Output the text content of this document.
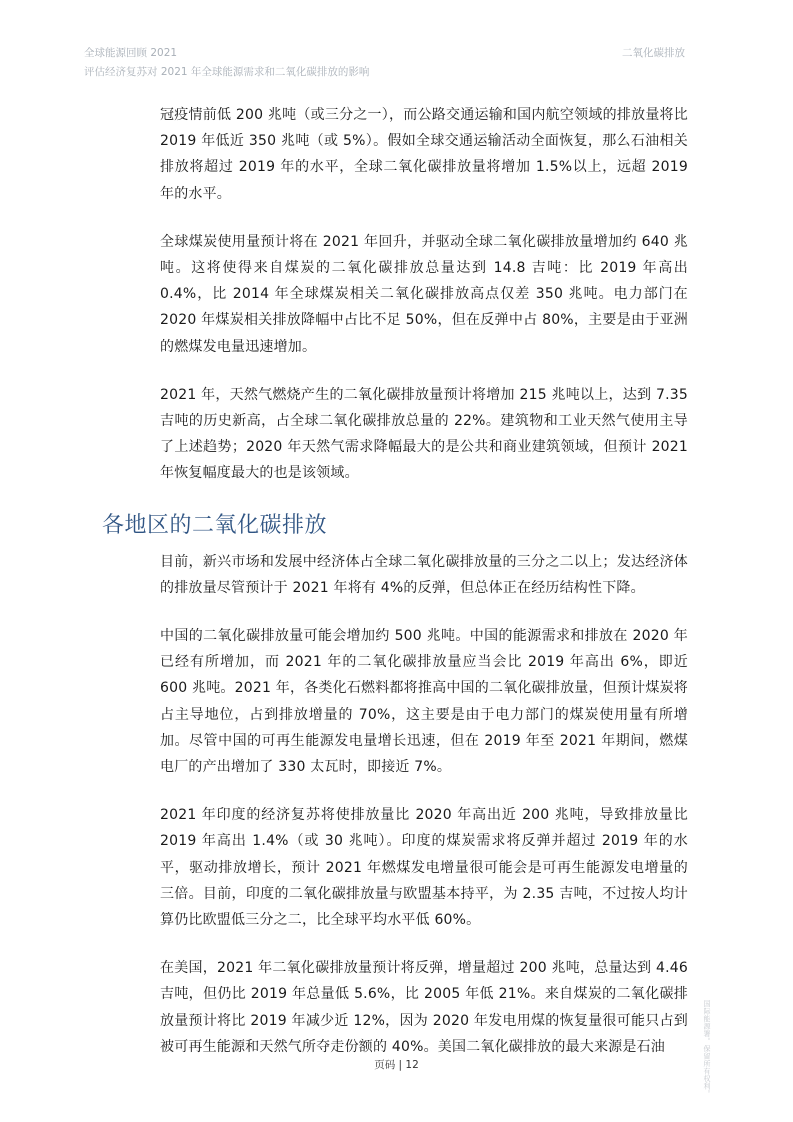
全球能源回顾 2021
评估经济复苏对 2021 年全球能源需求和二氧化碳排放的影响
二氧化碳排放

冠疫情前低 200 兆吨（或三分之一），而公路交通运输和国内航空领域的排放量将比 2019 年低近 350 兆吨（或 5%）。假如全球交通运输活动全面恢复，那么石油相关排放将超过 2019 年的水平，全球二氧化碳排放量将增加 1.5%以上，远超 2019 年的水平。

全球煤炭使用量预计将在 2021 年回升，并驱动全球二氧化碳排放量增加约 640 兆吨。这将使得来自煤炭的二氧化碳排放总量达到 14.8 吉吨：比 2019 年高出 0.4%，比 2014 年全球煤炭相关二氧化碳排放高点仅差 350 兆吨。电力部门在 2020 年煤炭相关排放降幅中占比不足 50%，但在反弹中占 80%，主要是由于亚洲的燃煤发电量迅速增加。

2021 年，天然气燃烧产生的二氧化碳排放量预计将增加 215 兆吨以上，达到 7.35 吉吨的历史新高，占全球二氧化碳排放总量的 22%。建筑物和工业天然气使用主导了上述趋势；2020 年天然气需求降幅最大的是公共和商业建筑领域，但预计 2021 年恢复幅度最大的也是该领域。

各地区的二氧化碳排放

目前，新兴市场和发展中经济体占全球二氧化碳排放量的三分之二以上；发达经济体的排放量尽管预计于 2021 年将有 4%的反弹，但总体正在经历结构性下降。

中国的二氧化碳排放量可能会增加约 500 兆吨。中国的能源需求和排放在 2020 年已经有所增加，而 2021 年的二氧化碳排放量应当会比 2019 年高出 6%，即近 600 兆吨。2021 年，各类化石燃料都将推高中国的二氧化碳排放量，但预计煤炭将占主导地位，占到排放增量的 70%，这主要是由于电力部门的煤炭使用量有所增加。尽管中国的可再生能源发电量增长迅速，但在 2019 年至 2021 年期间，燃煤电厂的产出增加了 330 太瓦时，即接近 7%。

2021 年印度的经济复苏将使排放量比 2020 年高出近 200 兆吨，导致排放量比 2019 年高出 1.4%（或 30 兆吨）。印度的煤炭需求将反弹并超过 2019 年的水平，驱动排放增长，预计 2021 年燃煤发电增量很可能会是可再生能源发电增量的三倍。目前，印度的二氧化碳排放量与欧盟基本持平，为 2.35 吉吨，不过按人均计算仍比欧盟低三分之二，比全球平均水平低 60%。

在美国，2021 年二氧化碳排放量预计将反弹，增量超过 200 兆吨，总量达到 4.46 吉吨，但仍比 2019 年总量低 5.6%，比 2005 年低 21%。来自煤炭的二氧化碳排放量预计将比 2019 年减少近 12%，因为 2020 年发电用煤的恢复量很可能只占到被可再生能源和天然气所夺走份额的 40%。美国二氧化碳排放的最大来源是石油

页码 | 12	国际能源署。保留所有权利。
